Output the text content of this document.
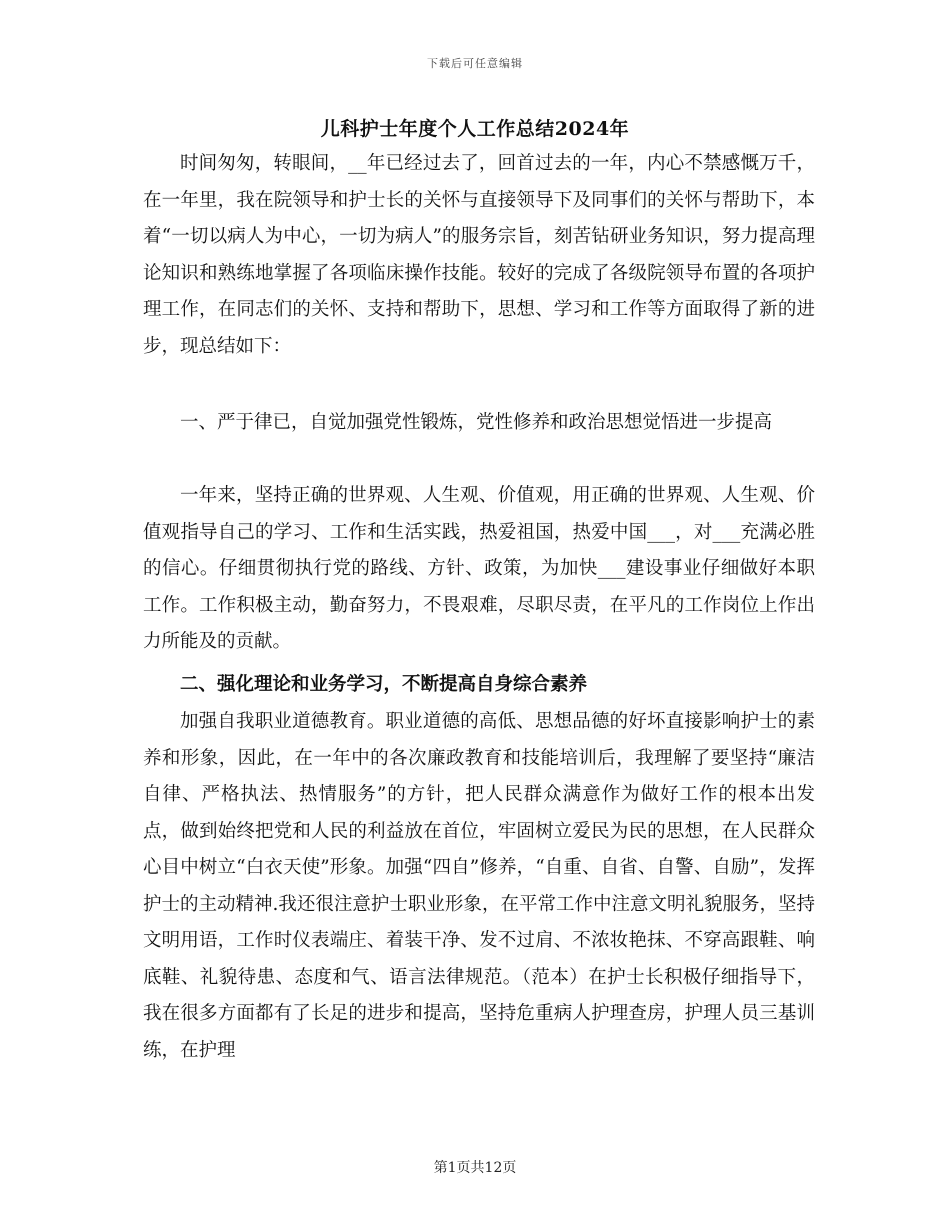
下载后可任意编辑
儿科护士年度个人工作总结2024年

时间匆匆，转眼间，__年已经过去了，回首过去的一年，内心不禁感慨万千，在一年里，我在院领导和护士长的关怀与直接领导下及同事们的关怀与帮助下，本着“一切以病人为中心，一切为病人”的服务宗旨，刻苦钻研业务知识，努力提高理论知识和熟练地掌握了各项临床操作技能。较好的完成了各级院领导布置的各项护理工作，在同志们的关怀、支持和帮助下，思想、学习和工作等方面取得了新的进步，现总结如下：

一、严于律已，自觉加强党性锻炼，党性修养和政治思想觉悟进一步提高

一年来，坚持正确的世界观、人生观、价值观，用正确的世界观、人生观、价值观指导自己的学习、工作和生活实践，热爱祖国，热爱中国___，对___充满必胜的信心。仔细贯彻执行党的路线、方针、政策，为加快___建设事业仔细做好本职工作。工作积极主动，勤奋努力，不畏艰难，尽职尽责，在平凡的工作岗位上作出力所能及的贡献。

二、强化理论和业务学习，不断提高自身综合素养

加强自我职业道德教育。职业道德的高低、思想品德的好坏直接影响护士的素养和形象，因此，在一年中的各次廉政教育和技能培训后，我理解了要坚持“廉洁自律、严格执法、热情服务”的方针，把人民群众满意作为做好工作的根本出发点，做到始终把党和人民的利益放在首位，牢固树立爱民为民的思想，在人民群众心目中树立“白衣天使”形象。加强“四自”修养，“自重、自省、自警、自励”，发挥护士的主动精神.我还很注意护士职业形象，在平常工作中注意文明礼貌服务，坚持文明用语，工作时仪表端庄、着装干净、发不过肩、不浓妆艳抹、不穿高跟鞋、响底鞋、礼貌待患、态度和气、语言法律规范。（范本）在护士长积极仔细指导下，我在很多方面都有了长足的进步和提高，坚持危重病人护理查房，护理人员三基训练，在护理

第1页共12页
